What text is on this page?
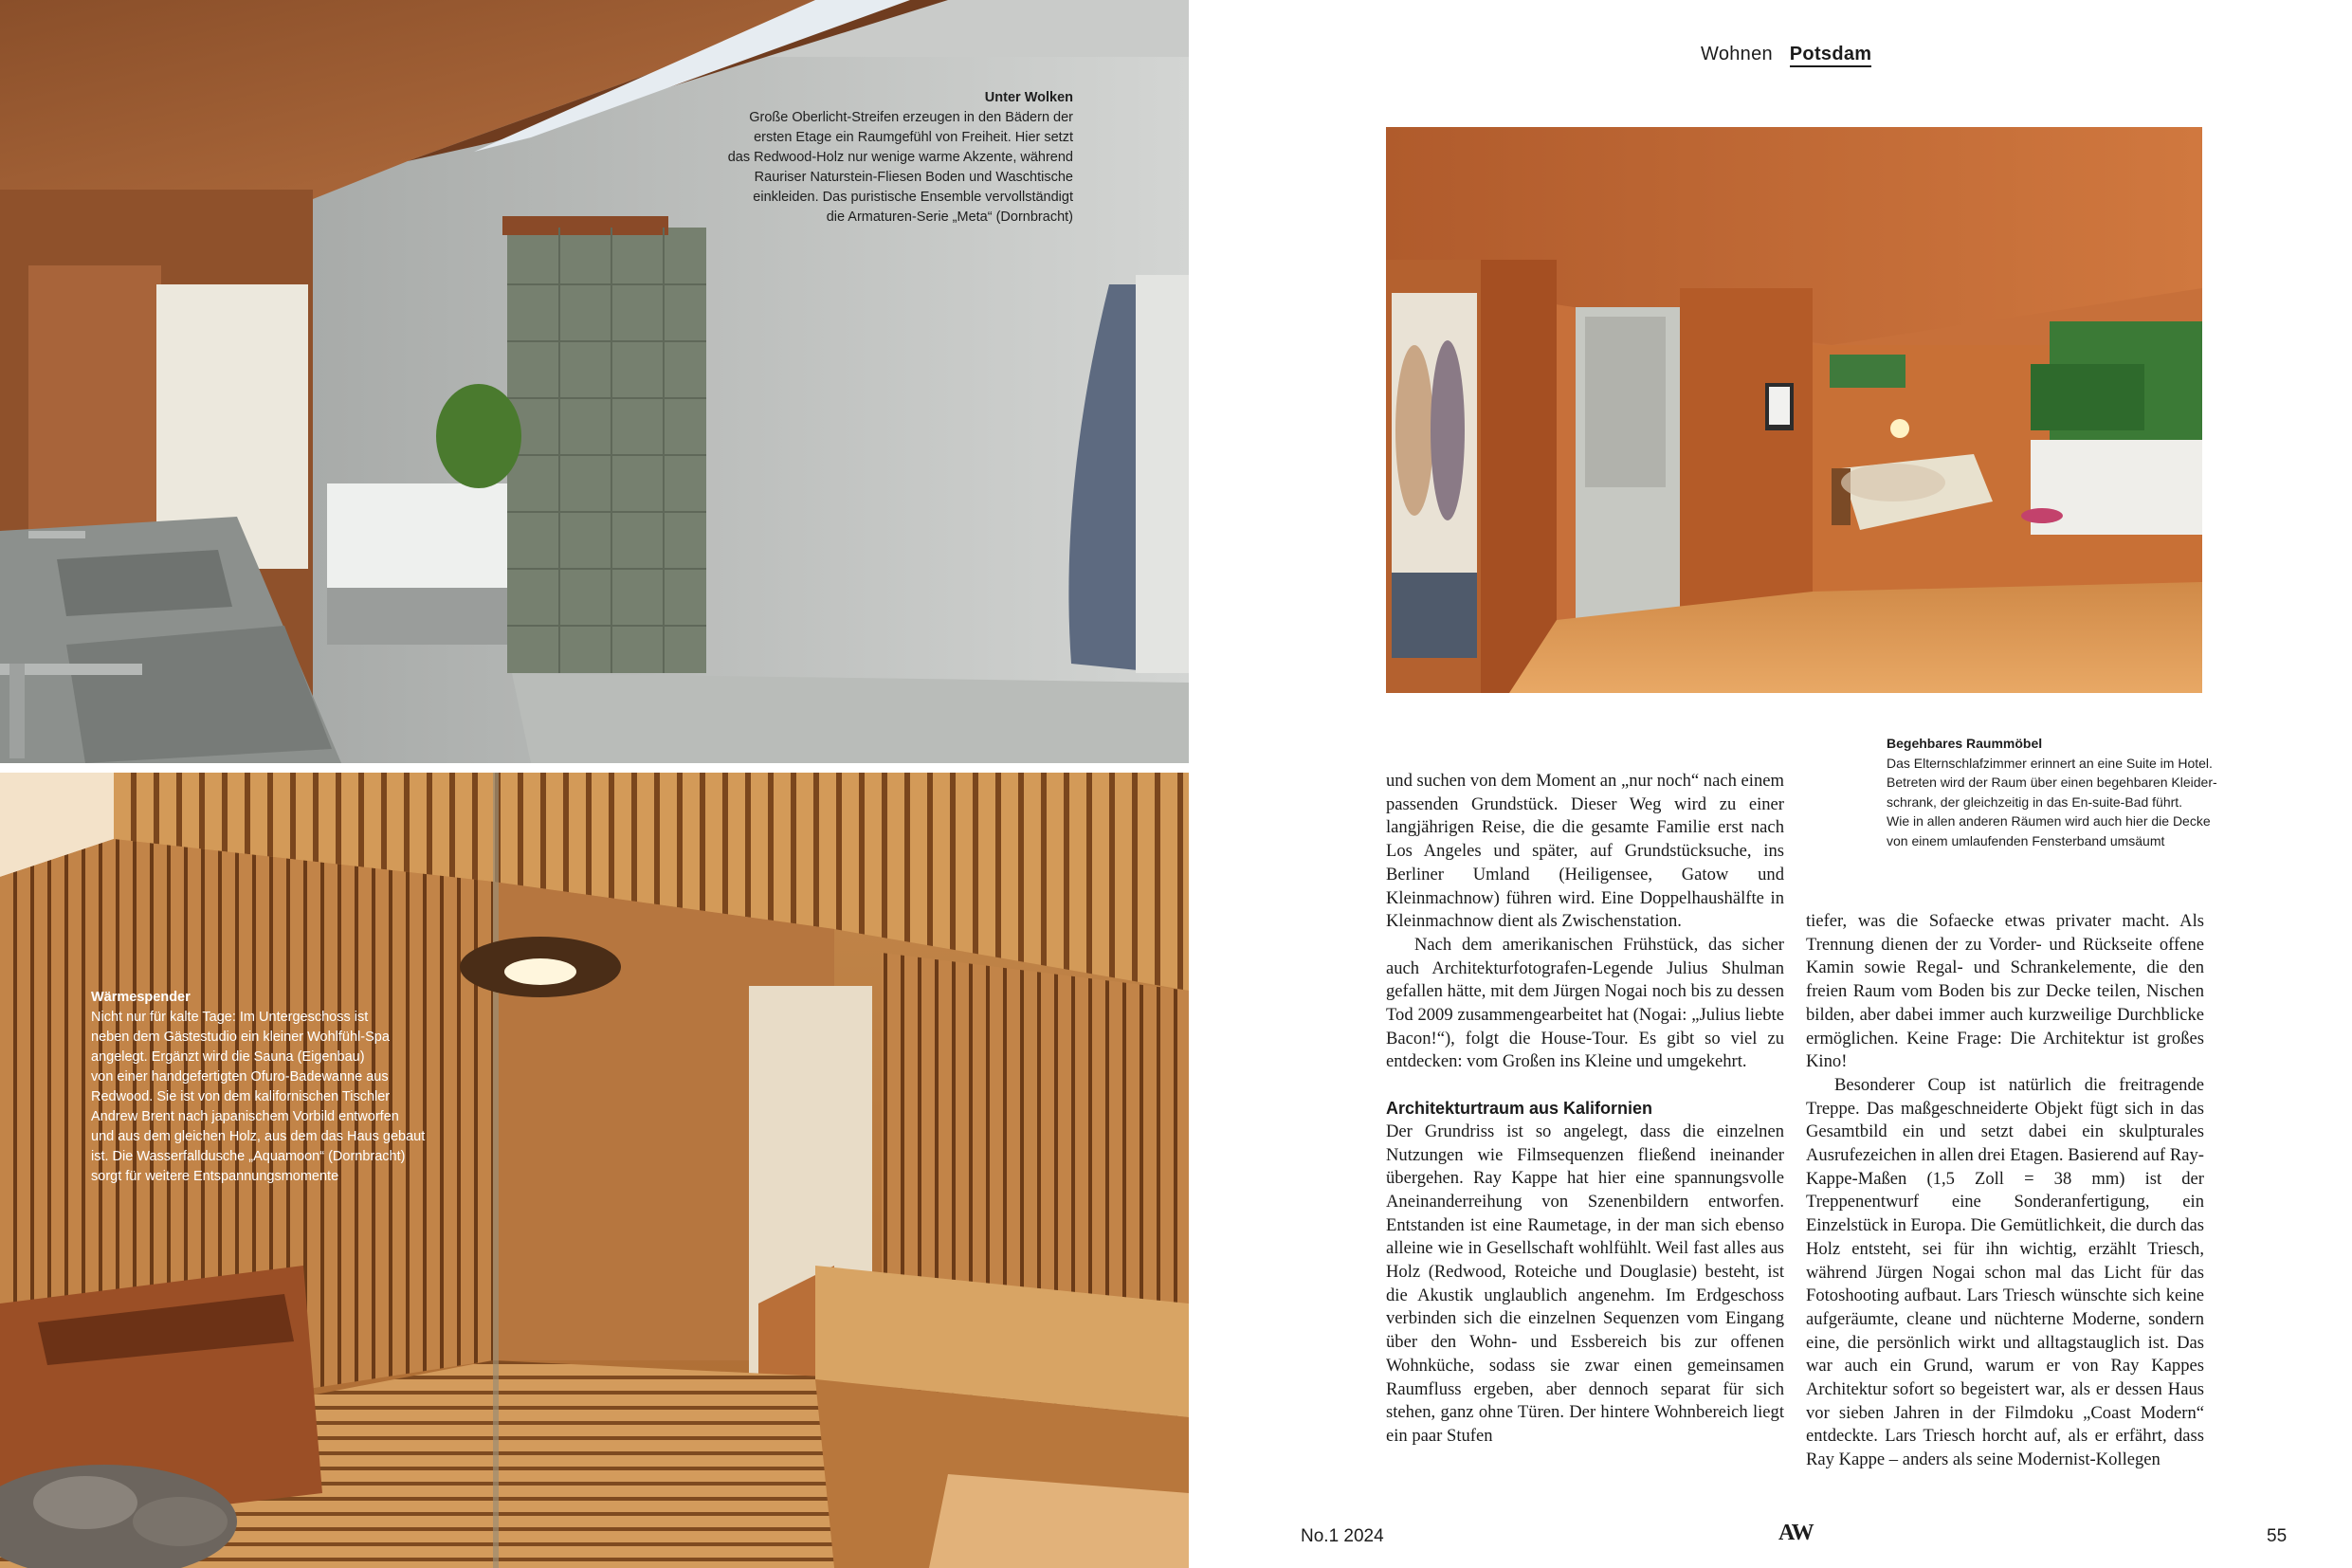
Unter Wolken
Große Oberlicht-Streifen erzeugen in den Bädern der
ersten Etage ein Raumgefühl von Freiheit. Hier setzt
das Redwood-Holz nur wenige warme Akzente, während
Rauriser Naturstein-Fliesen Boden und Waschtische
einkleiden. Das puristische Ensemble vervollständigt
die Armaturen-Serie „Meta“ (Dornbracht)
Wärmespender
Nicht nur für kalte Tage: Im Untergeschoss ist
neben dem Gästestudio ein kleiner Wohlfühl-Spa
angelegt. Ergänzt wird die Sauna (Eigenbau)
von einer handgefertigten Ofuro-Badewanne aus
Redwood. Sie ist von dem kalifornischen Tischler
Andrew Brent nach japanischem Vorbild entworfen
und aus dem gleichen Holz, aus dem das Haus gebaut
ist. Die Wasserfalldusche „Aquamoon“ (Dornbracht)
sorgt für weitere Entspannungsmomente
Wohnen Potsdam
Begehbares Raummöbel
Das Elternschlafzimmer erinnert an eine Suite im Hotel.
Betreten wird der Raum über einen begehbaren Kleider-
schrank, der gleichzeitig in das En-suite-Bad führt.
Wie in allen anderen Räumen wird auch hier die Decke
von einem umlaufenden Fensterband umsäumt

und suchen von dem Moment an „nur noch“ nach einem passenden Grundstück. Dieser Weg wird zu einer langjährigen Reise, die die gesamte Familie erst nach Los Angeles und später, auf Grundstücksuche, ins Berliner Umland (Heiligensee, Gatow und Kleinmachnow) führen wird. Eine Doppelhaushälfte in Kleinmachnow dient als Zwischenstation.

Nach dem amerikanischen Frühstück, das sicher auch Architekturfotografen-Legende Julius Shulman gefallen hätte, mit dem Jürgen Nogai noch bis zu dessen Tod 2009 zusammengearbeitet hat (Nogai: „Julius liebte Bacon!“), folgt die House-Tour. Es gibt so viel zu entdecken: vom Großen ins Kleine und umgekehrt.

Architekturtraum aus Kalifornien

Der Grundriss ist so angelegt, dass die einzelnen Nutzungen wie Filmsequenzen fließend ineinander übergehen. Ray Kappe hat hier eine spannungsvolle Aneinanderreihung von Szenenbildern entworfen. Entstanden ist eine Raumetage, in der man sich ebenso alleine wie in Gesellschaft wohlfühlt. Weil fast alles aus Holz (Redwood, Roteiche und Douglasie) besteht, ist die Akustik unglaublich angenehm. Im Erdgeschoss verbinden sich die einzelnen Sequenzen vom Eingang über den Wohn- und Essbereich bis zur offenen Wohnküche, sodass sie zwar einen gemeinsamen Raumfluss ergeben, aber dennoch separat für sich stehen, ganz ohne Türen. Der hintere Wohnbereich liegt ein paar Stufen

tiefer, was die Sofaecke etwas privater macht. Als Trennung dienen der zu Vorder- und Rückseite offene Kamin sowie Regal- und Schrankelemente, die den freien Raum vom Boden bis zur Decke teilen, Nischen bilden, aber dabei immer auch kurzweilige Durchblicke ermöglichen. Keine Frage: Die Architektur ist großes Kino!

Besonderer Coup ist natürlich die freitragende Treppe. Das maßgeschneiderte Objekt fügt sich in das Gesamtbild ein und setzt dabei ein skulpturales Ausrufezeichen in allen drei Etagen. Basierend auf Ray-Kappe-Maßen (1,5 Zoll = 38 mm) ist der Treppenentwurf eine Sonderanfertigung, ein Einzelstück in Europa. Die Gemütlichkeit, die durch das Holz entsteht, sei für ihn wichtig, erzählt Triesch, während Jürgen Nogai schon mal das Licht für das Fotoshooting aufbaut. Lars Triesch wünschte sich keine aufgeräumte, cleane und nüchterne Moderne, sondern eine, die persönlich wirkt und alltagstauglich ist. Das war auch ein Grund, warum er von Ray Kappes Architektur sofort so begeistert war, als er dessen Haus vor sieben Jahren in der Filmdoku „Coast Modern“ entdeckte. Lars Triesch horcht auf, als er erfährt, dass Ray Kappe – anders als seine Modernist-Kollegen

No.1 2024	AW	55
